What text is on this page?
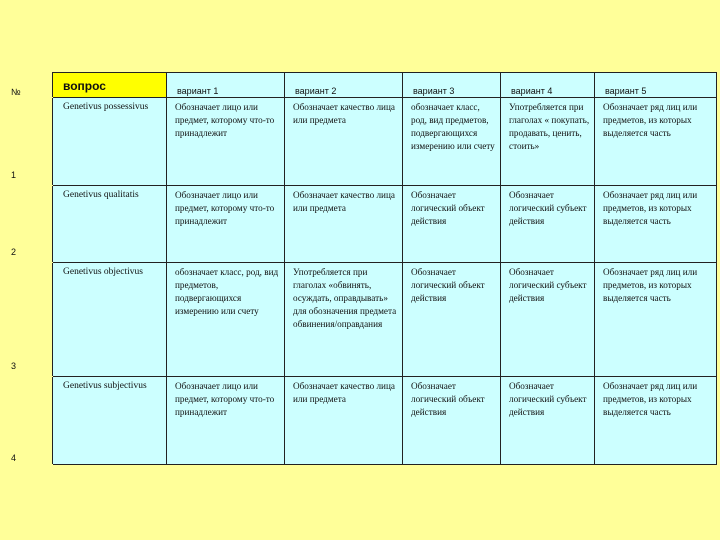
№	вопрос	вариант 1	вариант 2	вариант 3	вариант 4	вариант 5

1	Genetivus possessivus	Обозначает лицо или предмет, которому что-то принадлежит	Обозначает качество лица или предмета	обозначает класс, род, вид предметов, подвергающихся измерению или счету	Употребляется при глаголах « покупать, продавать, ценить, стоить»	Обозначает ряд лиц или предметов, из которых выделяется часть

2	Genetivus qualitatis	Обозначает лицо или предмет, которому что-то принадлежит	Обозначает качество лица или предмета	Обозначает логический объект действия	Обозначает логический субъект действия	Обозначает ряд лиц или предметов, из которых выделяется часть

3	Genetivus objectivus	обозначает класс, род, вид предметов, подвергающихся измерению или счету	Употребляется при глаголах «обвинять, осуждать, оправдывать» для обозначения предмета обвинения/оправдания	Обозначает логический объект действия	Обозначает логический субъект действия	Обозначает ряд лиц или предметов, из которых выделяется часть

4	Genetivus subjectivus	Обозначает лицо или предмет, которому что-то принадлежит	Обозначает качество лица или предмета	Обозначает логический объект действия	Обозначает логический субъект действия	Обозначает ряд лиц или предметов, из которых выделяется часть
